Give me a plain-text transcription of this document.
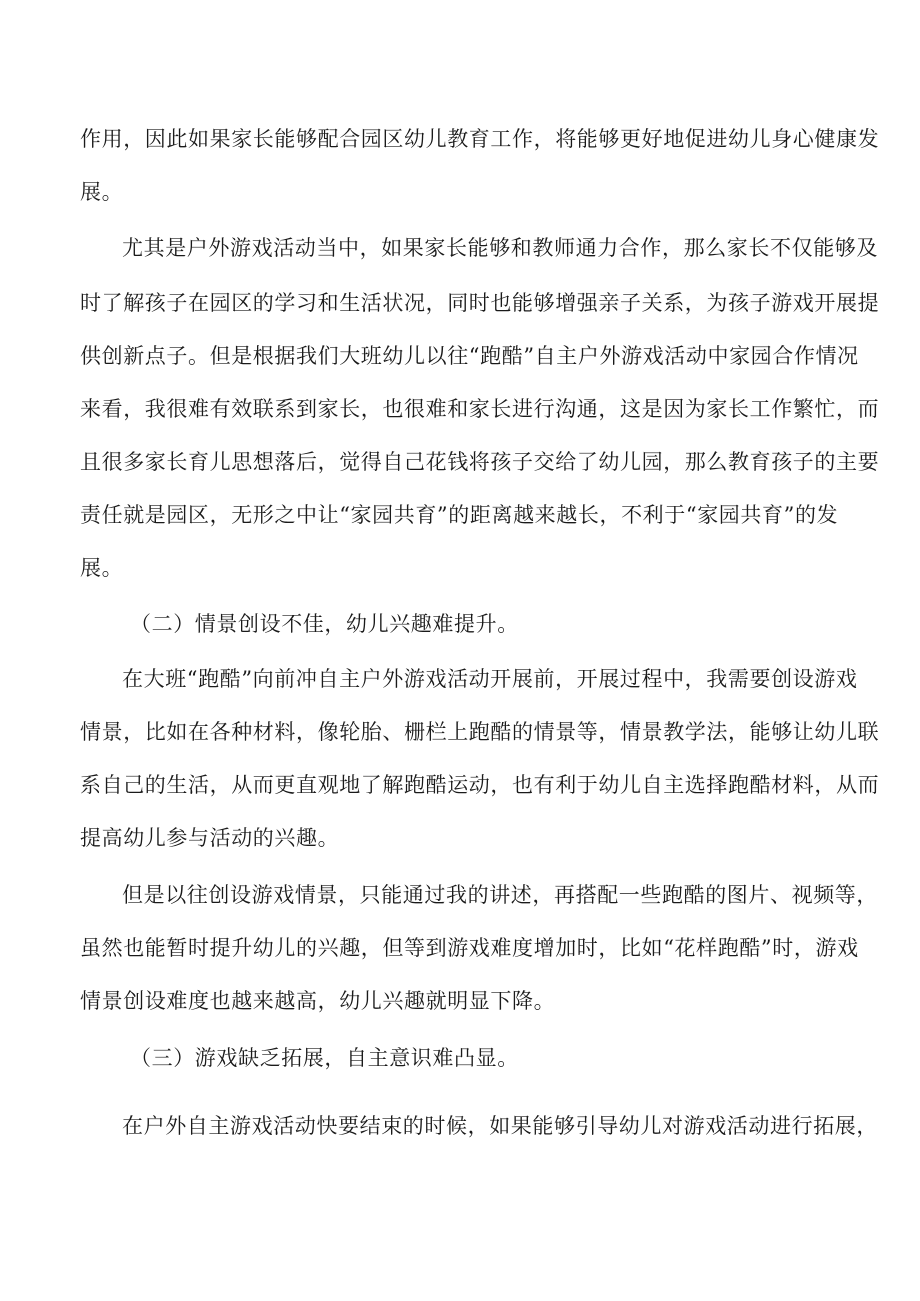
作用，因此如果家长能够配合园区幼儿教育工作，将能够更好地促进幼儿身心健康发
展。
尤其是户外游戏活动当中，如果家长能够和教师通力合作，那么家长不仅能够及
时了解孩子在园区的学习和生活状况，同时也能够增强亲子关系，为孩子游戏开展提
供创新点子。但是根据我们大班幼儿以往“跑酷”自主户外游戏活动中家园合作情况
来看，我很难有效联系到家长，也很难和家长进行沟通，这是因为家长工作繁忙，而
且很多家长育儿思想落后，觉得自己花钱将孩子交给了幼儿园，那么教育孩子的主要
责任就是园区，无形之中让“家园共育”的距离越来越长，不利于“家园共育”的发
展。
（二）情景创设不佳，幼儿兴趣难提升。
在大班“跑酷”向前冲自主户外游戏活动开展前，开展过程中，我需要创设游戏
情景，比如在各种材料，像轮胎、栅栏上跑酷的情景等，情景教学法，能够让幼儿联
系自己的生活，从而更直观地了解跑酷运动，也有利于幼儿自主选择跑酷材料，从而
提高幼儿参与活动的兴趣。
但是以往创设游戏情景，只能通过我的讲述，再搭配一些跑酷的图片、视频等，
虽然也能暂时提升幼儿的兴趣，但等到游戏难度增加时，比如“花样跑酷”时，游戏
情景创设难度也越来越高，幼儿兴趣就明显下降。
（三）游戏缺乏拓展，自主意识难凸显。
在户外自主游戏活动快要结束的时候，如果能够引导幼儿对游戏活动进行拓展，
